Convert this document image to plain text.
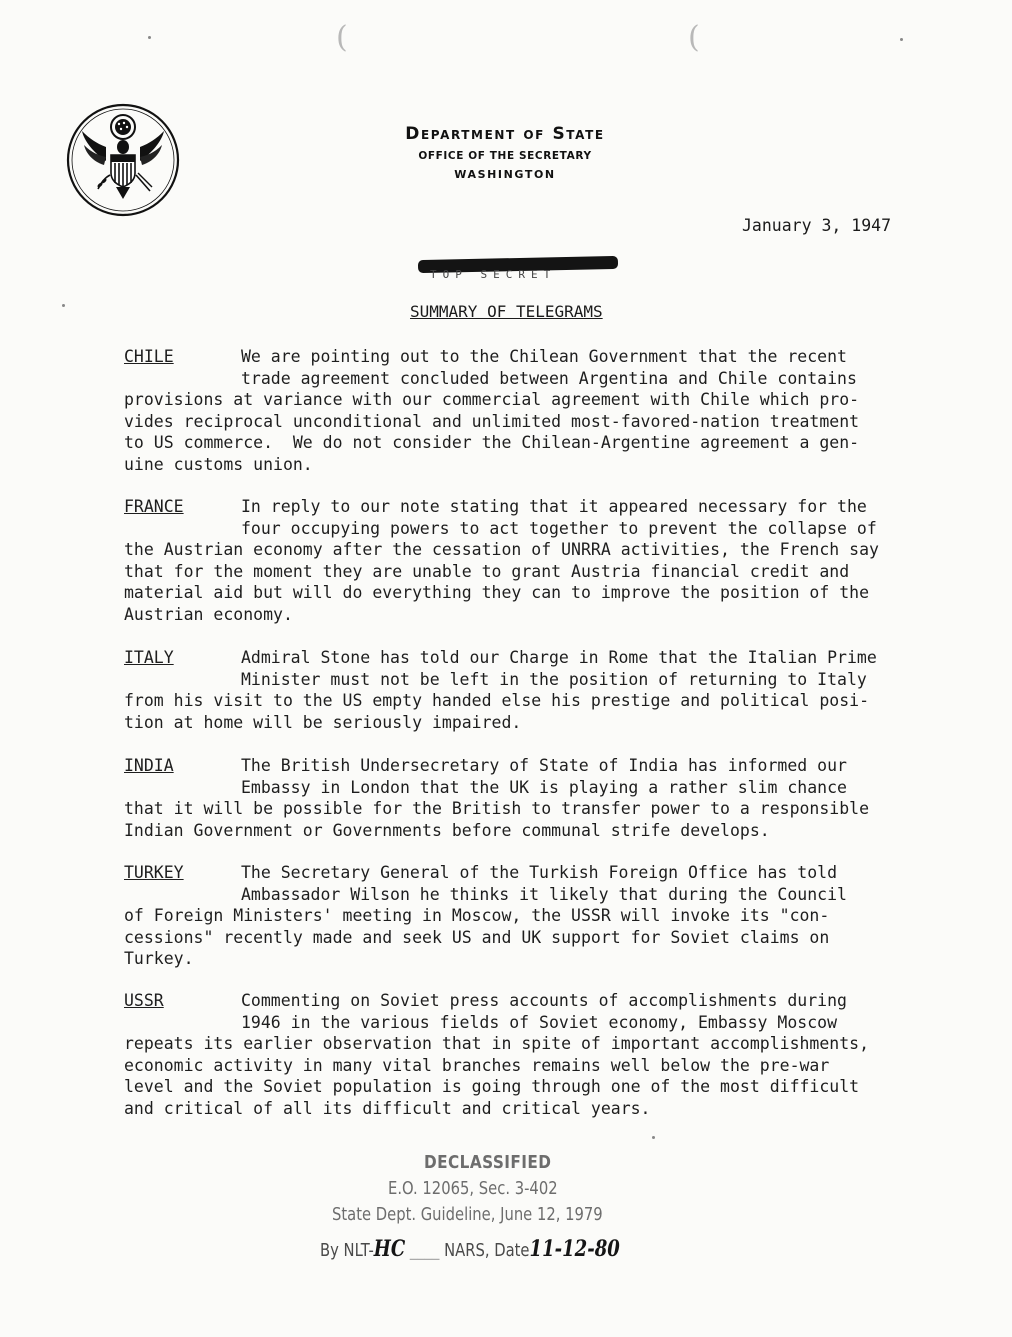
(	(
Department of State
OFFICE OF THE SECRETARY
WASHINGTON
January 3, 1947
TOP SECRET
SUMMARY OF TELEGRAMS
CHILE	We are pointing out to the Chilean Government that the recent
trade agreement concluded between Argentina and Chile contains
provisions at variance with our commercial agreement with Chile which pro-
vides reciprocal unconditional and unlimited most-favored-nation treatment
to US commerce.  We do not consider the Chilean-Argentine agreement a gen-
uine customs union.
FRANCE	In reply to our note stating that it appeared necessary for the
four occupying powers to act together to prevent the collapse of
the Austrian economy after the cessation of UNRRA activities, the French say
that for the moment they are unable to grant Austria financial credit and
material aid but will do everything they can to improve the position of the
Austrian economy.
ITALY	Admiral Stone has told our Charge in Rome that the Italian Prime
Minister must not be left in the position of returning to Italy
from his visit to the US empty handed else his prestige and political posi-
tion at home will be seriously impaired.
INDIA	The British Undersecretary of State of India has informed our
Embassy in London that the UK is playing a rather slim chance
that it will be possible for the British to transfer power to a responsible
Indian Government or Governments before communal strife develops.
TURKEY	The Secretary General of the Turkish Foreign Office has told
Ambassador Wilson he thinks it likely that during the Council
of Foreign Ministers' meeting in Moscow, the USSR will invoke its "con-
cessions" recently made and seek US and UK support for Soviet claims on
Turkey.
USSR	Commenting on Soviet press accounts of accomplishments during
1946 in the various fields of Soviet economy, Embassy Moscow
repeats its earlier observation that in spite of important accomplishments,
economic activity in many vital branches remains well below the pre-war
level and the Soviet population is going through one of the most difficult
and critical of all its difficult and critical years.
DECLASSIFIED
E.O. 12065, Sec. 3-402
State Dept. Guideline, June 12, 1979
By NLT-HC ____ NARS, Date11-12-80
